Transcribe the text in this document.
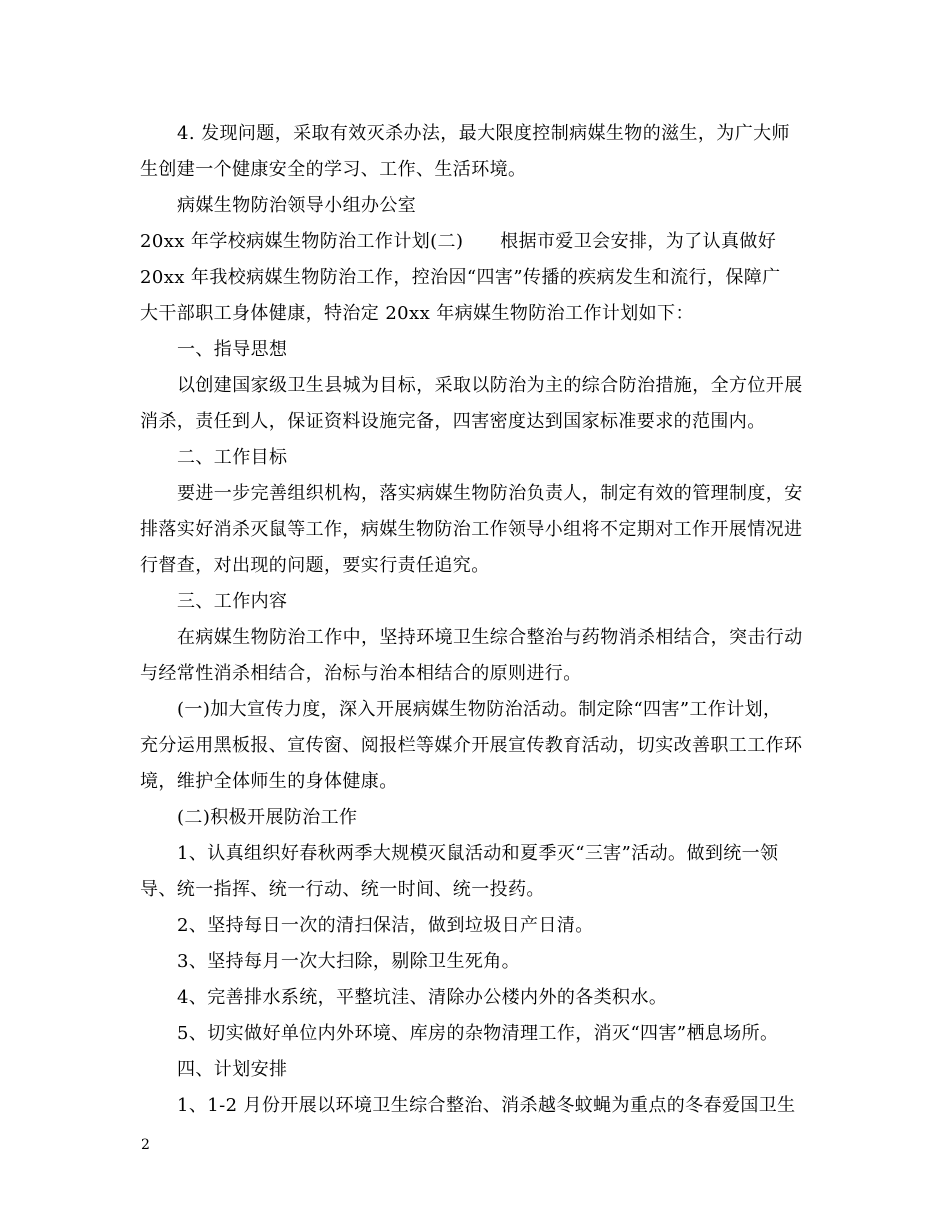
4. 发现问题，采取有效灭杀办法，最大限度控制病媒生物的滋生，为广大师
生创建一个健康安全的学习、工作、生活环境。
病媒生物防治领导小组办公室
20xx 年学校病媒生物防治工作计划(二)　　根据市爱卫会安排，为了认真做好
20xx 年我校病媒生物防治工作，控治因“四害”传播的疾病发生和流行，保障广
大干部职工身体健康，特治定 20xx 年病媒生物防治工作计划如下：
一、指导思想
以创建国家级卫生县城为目标，采取以防治为主的综合防治措施，全方位开展
消杀，责任到人，保证资料设施完备，四害密度达到国家标准要求的范围内。
二、工作目标
要进一步完善组织机构，落实病媒生物防治负责人，制定有效的管理制度，安
排落实好消杀灭鼠等工作，病媒生物防治工作领导小组将不定期对工作开展情况进
行督查，对出现的问题，要实行责任追究。
三、工作内容
在病媒生物防治工作中，坚持环境卫生综合整治与药物消杀相结合，突击行动
与经常性消杀相结合，治标与治本相结合的原则进行。
(一)加大宣传力度，深入开展病媒生物防治活动。制定除“四害”工作计划，
充分运用黑板报、宣传窗、阅报栏等媒介开展宣传教育活动，切实改善职工工作环
境，维护全体师生的身体健康。
(二)积极开展防治工作
1、认真组织好春秋两季大规模灭鼠活动和夏季灭“三害”活动。做到统一领
导、统一指挥、统一行动、统一时间、统一投药。
2、坚持每日一次的清扫保洁，做到垃圾日产日清。
3、坚持每月一次大扫除，剔除卫生死角。
4、完善排水系统，平整坑洼、清除办公楼内外的各类积水。
5、切实做好单位内外环境、库房的杂物清理工作，消灭“四害”栖息场所。
四、计划安排
1、1-2 月份开展以环境卫生综合整治、消杀越冬蚊蝇为重点的冬春爱国卫生
2
